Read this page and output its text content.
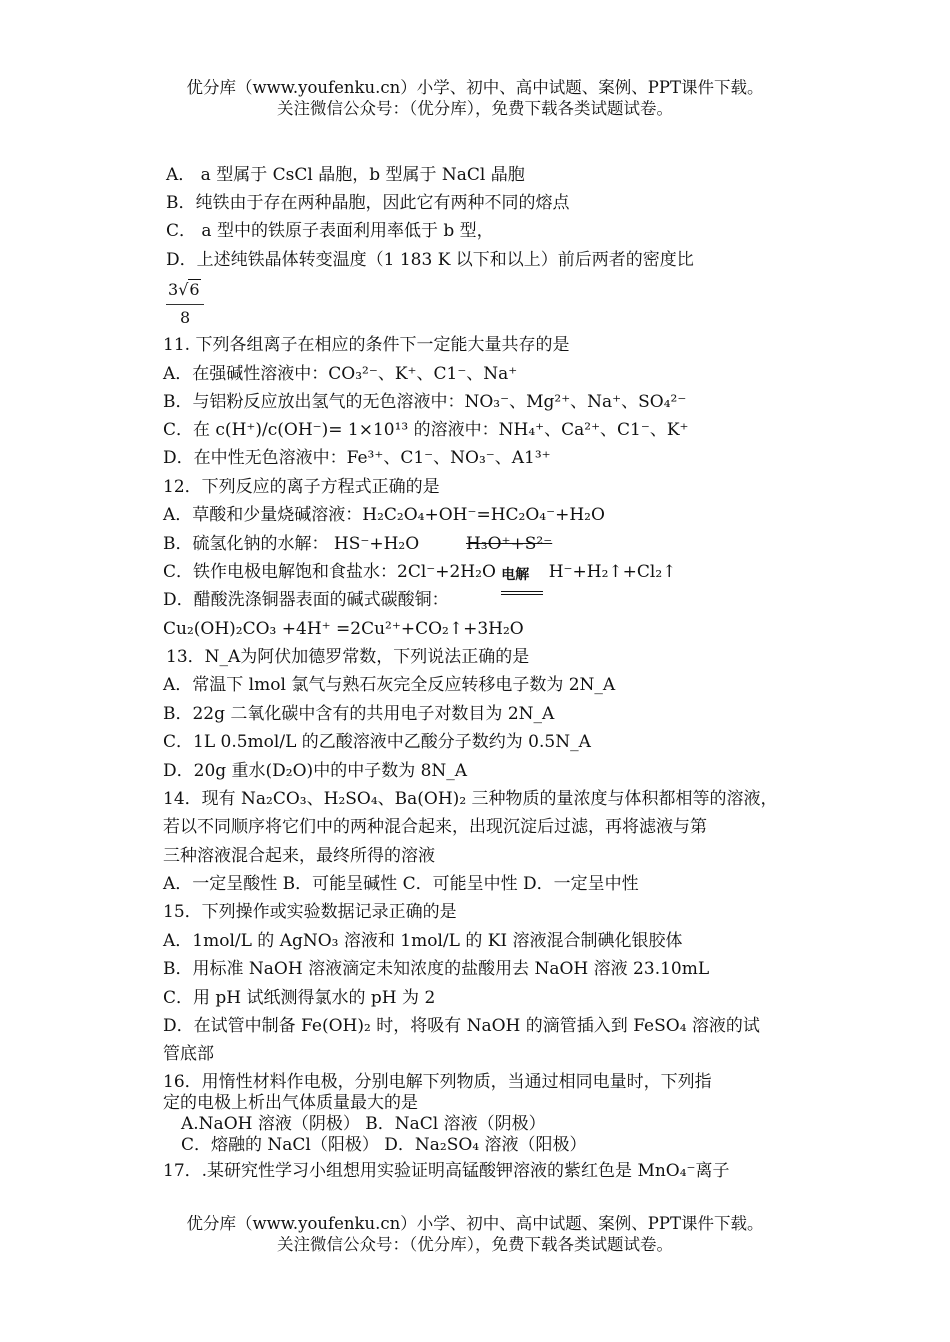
优分库（www.youfenku.cn）小学、初中、高中试题、案例、PPT课件下载。
关注微信公众号：（优分库），免费下载各类试题试卷。
A． a 型属于 CsCl 晶胞，b 型属于 NaCl 晶胞
B．纯铁由于存在两种晶胞，因此它有两种不同的熔点
C． a 型中的铁原子表面利用率低于 b 型，
D．上述纯铁晶体转变温度（1 183 K 以下和以上）前后两者的密度比
3√6
8
11. 下列各组离子在相应的条件下一定能大量共存的是
A．在强碱性溶液中：CO₃²⁻、K⁺、C1⁻、Na⁺
B．与铝粉反应放出氢气的无色溶液中：NO₃⁻、Mg²⁺、Na⁺、SO₄²⁻
C．在 c(H⁺)/c(OH⁻)= 1×10¹³ 的溶液中：NH₄⁺、Ca²⁺、C1⁻、K⁺
D．在中性无色溶液中：Fe³⁺、C1⁻、NO₃⁻、A1³⁺
12．下列反应的离子方程式正确的是
A．草酸和少量烧碱溶液：H₂C₂O₄+OH⁻=HC₂O₄⁻+H₂O
B．硫氢化钠的水解： HS⁻+H₂O	H₃O⁺+S²⁻
C．铁作电极电解饱和食盐水：2Cl⁻+2H₂O 电解 H⁻+H₂↑+Cl₂↑
D．醋酸洗涤铜器表面的碱式碳酸铜：
Cu₂(OH)₂CO₃ +4H⁺ =2Cu²⁺+CO₂↑+3H₂O
13．N_A为阿伏加德罗常数，下列说法正确的是
A．常温下 lmol 氯气与熟石灰完全反应转移电子数为 2N_A
B．22g 二氧化碳中含有的共用电子对数目为 2N_A
C．1L 0.5mol/L 的乙酸溶液中乙酸分子数约为 0.5N_A
D．20g 重水(D₂O)中的中子数为 8N_A
14．现有 Na₂CO₃、H₂SO₄、Ba(OH)₂ 三种物质的量浓度与体积都相等的溶液，
若以不同顺序将它们中的两种混合起来，出现沉淀后过滤，再将滤液与第
三种溶液混合起来，最终所得的溶液
A．一定呈酸性 B．可能呈碱性 C．可能呈中性 D．一定呈中性
15．下列操作或实验数据记录正确的是
A．1mol/L 的 AgNO₃ 溶液和 1mol/L 的 KI 溶液混合制碘化银胶体
B．用标准 NaOH 溶液滴定未知浓度的盐酸用去 NaOH 溶液 23.10mL
C．用 pH 试纸测得氯水的 pH 为 2
D．在试管中制备 Fe(OH)₂ 时，将吸有 NaOH 的滴管插入到 FeSO₄ 溶液的试
管底部
16．用惰性材料作电极，分别电解下列物质，当通过相同电量时，下列指
定的电极上析出气体质量最大的是
A.NaOH 溶液（阴极） B．NaCl 溶液（阴极）
C．熔融的 NaCl（阳极） D．Na₂SO₄ 溶液（阳极）
17．.某研究性学习小组想用实验证明高锰酸钾溶液的紫红色是 MnO₄⁻离子
优分库（www.youfenku.cn）小学、初中、高中试题、案例、PPT课件下载。
关注微信公众号：（优分库），免费下载各类试题试卷。
